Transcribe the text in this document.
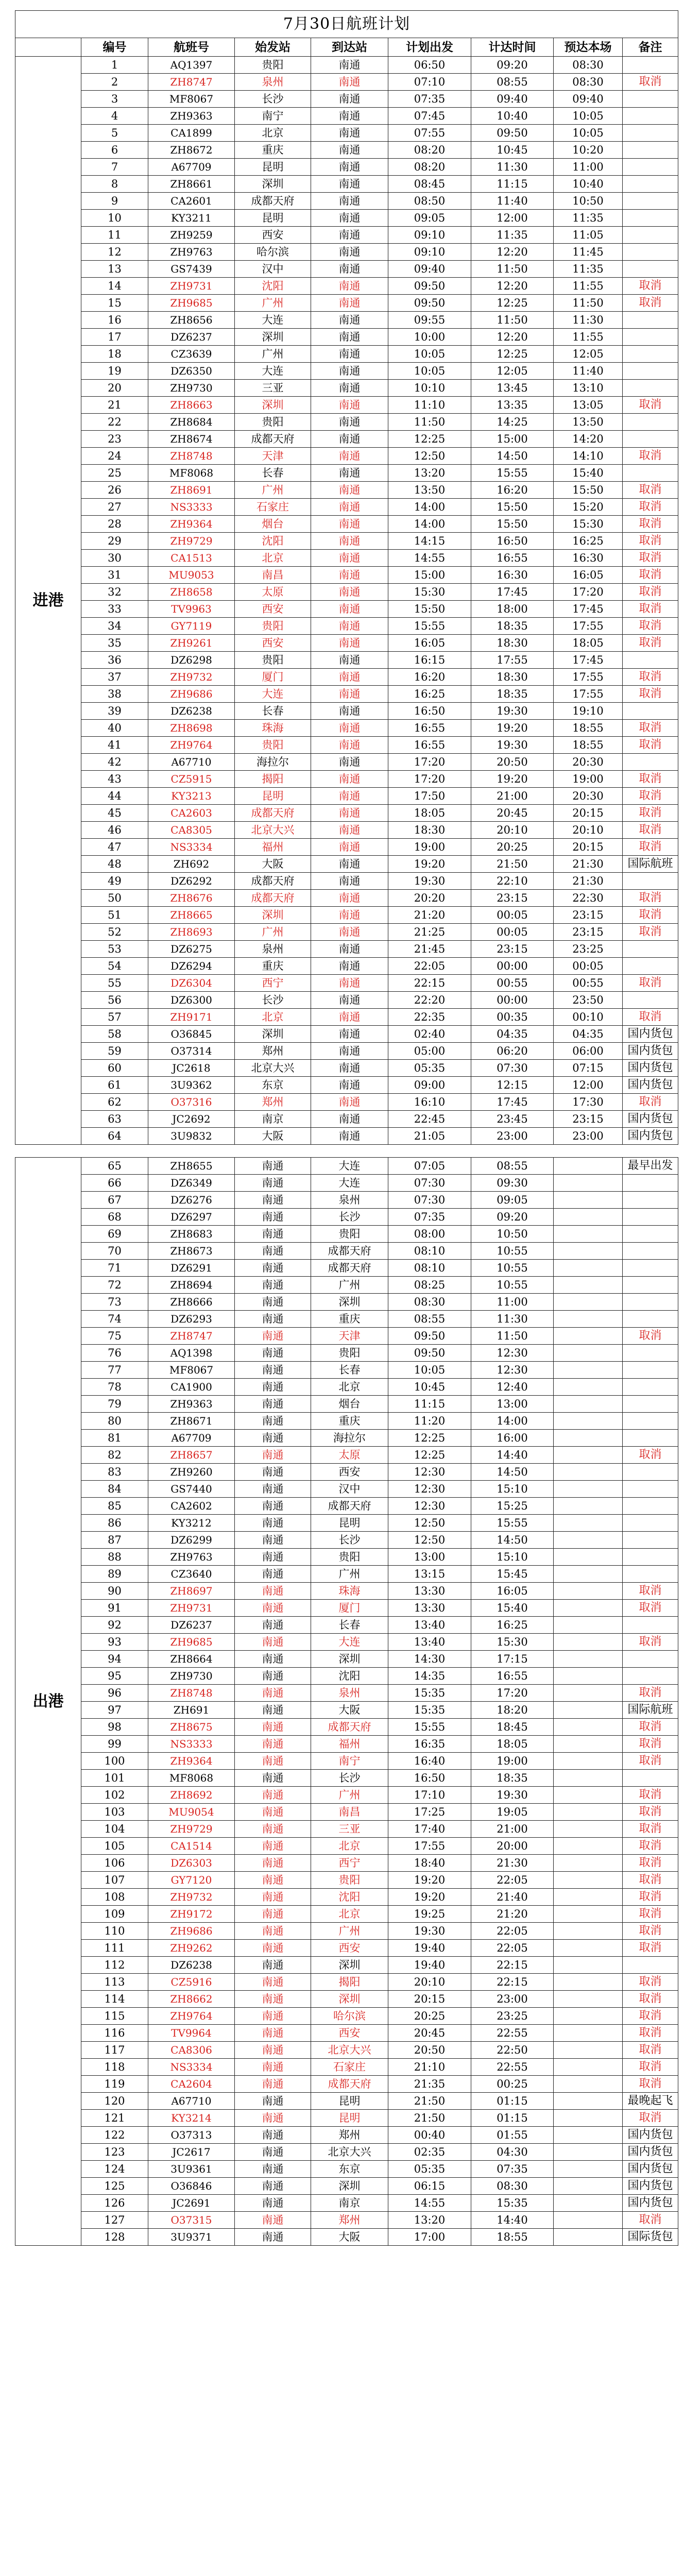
7月30日航班计划								
	编号	航班号	始发站	到达站	计划出发	计达时间	预达本场	备注
进港	1	AQ1397	贵阳	南通	06:50	09:20	08:30	
	2	ZH8747	泉州	南通	07:10	08:55	08:30	取消
	3	MF8067	长沙	南通	07:35	09:40	09:40	
	4	ZH9363	南宁	南通	07:45	10:40	10:05	
	5	CA1899	北京	南通	07:55	09:50	10:05	
	6	ZH8672	重庆	南通	08:20	10:45	10:20	
	7	A67709	昆明	南通	08:20	11:30	11:00	
	8	ZH8661	深圳	南通	08:45	11:15	10:40	
	9	CA2601	成都天府	南通	08:50	11:40	10:50	
	10	KY3211	昆明	南通	09:05	12:00	11:35	
	11	ZH9259	西安	南通	09:10	11:35	11:05	
	12	ZH9763	哈尔滨	南通	09:10	12:20	11:45	
	13	GS7439	汉中	南通	09:40	11:50	11:35	
	14	ZH9731	沈阳	南通	09:50	12:20	11:55	取消
	15	ZH9685	广州	南通	09:50	12:25	11:50	取消
	16	ZH8656	大连	南通	09:55	11:50	11:30	
	17	DZ6237	深圳	南通	10:00	12:20	11:55	
	18	CZ3639	广州	南通	10:05	12:25	12:05	
	19	DZ6350	大连	南通	10:05	12:05	11:40	
	20	ZH9730	三亚	南通	10:10	13:45	13:10	
	21	ZH8663	深圳	南通	11:10	13:35	13:05	取消
	22	ZH8684	贵阳	南通	11:50	14:25	13:50	
	23	ZH8674	成都天府	南通	12:25	15:00	14:20	
	24	ZH8748	天津	南通	12:50	14:50	14:10	取消
	25	MF8068	长春	南通	13:20	15:55	15:40	
	26	ZH8691	广州	南通	13:50	16:20	15:50	取消
	27	NS3333	石家庄	南通	14:00	15:50	15:20	取消
	28	ZH9364	烟台	南通	14:00	15:50	15:30	取消
	29	ZH9729	沈阳	南通	14:15	16:50	16:25	取消
	30	CA1513	北京	南通	14:55	16:55	16:30	取消
	31	MU9053	南昌	南通	15:00	16:30	16:05	取消
	32	ZH8658	太原	南通	15:30	17:45	17:20	取消
	33	TV9963	西安	南通	15:50	18:00	17:45	取消
	34	GY7119	贵阳	南通	15:55	18:35	17:55	取消
	35	ZH9261	西安	南通	16:05	18:30	18:05	取消
	36	DZ6298	贵阳	南通	16:15	17:55	17:45	
	37	ZH9732	厦门	南通	16:20	18:30	17:55	取消
	38	ZH9686	大连	南通	16:25	18:35	17:55	取消
	39	DZ6238	长春	南通	16:50	19:30	19:10	
	40	ZH8698	珠海	南通	16:55	19:20	18:55	取消
	41	ZH9764	贵阳	南通	16:55	19:30	18:55	取消
	42	A67710	海拉尔	南通	17:20	20:50	20:30	
	43	CZ5915	揭阳	南通	17:20	19:20	19:00	取消
	44	KY3213	昆明	南通	17:50	21:00	20:30	取消
	45	CA2603	成都天府	南通	18:05	20:45	20:15	取消
	46	CA8305	北京大兴	南通	18:30	20:10	20:10	取消
	47	NS3334	福州	南通	19:00	20:25	20:15	取消
	48	ZH692	大阪	南通	19:20	21:50	21:30	国际航班
	49	DZ6292	成都天府	南通	19:30	22:10	21:30	
	50	ZH8676	成都天府	南通	20:20	23:15	22:30	取消
	51	ZH8665	深圳	南通	21:20	00:05	23:15	取消
	52	ZH8693	广州	南通	21:25	00:05	23:15	取消
	53	DZ6275	泉州	南通	21:45	23:15	23:25	
	54	DZ6294	重庆	南通	22:05	00:00	00:05	
	55	DZ6304	西宁	南通	22:15	00:55	00:55	取消
	56	DZ6300	长沙	南通	22:20	00:00	23:50	
	57	ZH9171	北京	南通	22:35	00:35	00:10	取消
	58	O36845	深圳	南通	02:40	04:35	04:35	国内货包
	59	O37314	郑州	南通	05:00	06:20	06:00	国内货包
	60	JC2618	北京大兴	南通	05:35	07:30	07:15	国内货包
	61	3U9362	东京	南通	09:00	12:15	12:00	国内货包
	62	O37316	郑州	南通	16:10	17:45	17:30	取消
	63	JC2692	南京	南通	22:45	23:45	23:15	国内货包
	64	3U9832	大阪	南通	21:05	23:00	23:00	国内货包

出港	65	ZH8655	南通	大连	07:05	08:55		最早出发
	66	DZ6349	南通	大连	07:30	09:30		
	67	DZ6276	南通	泉州	07:30	09:05		
	68	DZ6297	南通	长沙	07:35	09:20		
	69	ZH8683	南通	贵阳	08:00	10:50		
	70	ZH8673	南通	成都天府	08:10	10:55		
	71	DZ6291	南通	成都天府	08:10	10:55		
	72	ZH8694	南通	广州	08:25	10:55		
	73	ZH8666	南通	深圳	08:30	11:00		
	74	DZ6293	南通	重庆	08:55	11:30		
	75	ZH8747	南通	天津	09:50	11:50		取消
	76	AQ1398	南通	贵阳	09:50	12:30		
	77	MF8067	南通	长春	10:05	12:30		
	78	CA1900	南通	北京	10:45	12:40		
	79	ZH9363	南通	烟台	11:15	13:00		
	80	ZH8671	南通	重庆	11:20	14:00		
	81	A67709	南通	海拉尔	12:25	16:00		
	82	ZH8657	南通	太原	12:25	14:40		取消
	83	ZH9260	南通	西安	12:30	14:50		
	84	GS7440	南通	汉中	12:30	15:10		
	85	CA2602	南通	成都天府	12:30	15:25		
	86	KY3212	南通	昆明	12:50	15:55		
	87	DZ6299	南通	长沙	12:50	14:50		
	88	ZH9763	南通	贵阳	13:00	15:10		
	89	CZ3640	南通	广州	13:15	15:45		
	90	ZH8697	南通	珠海	13:30	16:05		取消
	91	ZH9731	南通	厦门	13:30	15:40		取消
	92	DZ6237	南通	长春	13:40	16:25		
	93	ZH9685	南通	大连	13:40	15:30		取消
	94	ZH8664	南通	深圳	14:30	17:15		
	95	ZH9730	南通	沈阳	14:35	16:55		
	96	ZH8748	南通	泉州	15:35	17:20		取消
	97	ZH691	南通	大阪	15:35	18:20		国际航班
	98	ZH8675	南通	成都天府	15:55	18:45		取消
	99	NS3333	南通	福州	16:35	18:05		取消
	100	ZH9364	南通	南宁	16:40	19:00		取消
	101	MF8068	南通	长沙	16:50	18:35		
	102	ZH8692	南通	广州	17:10	19:30		取消
	103	MU9054	南通	南昌	17:25	19:05		取消
	104	ZH9729	南通	三亚	17:40	21:00		取消
	105	CA1514	南通	北京	17:55	20:00		取消
	106	DZ6303	南通	西宁	18:40	21:30		取消
	107	GY7120	南通	贵阳	19:20	22:05		取消
	108	ZH9732	南通	沈阳	19:20	21:40		取消
	109	ZH9172	南通	北京	19:25	21:20		取消
	110	ZH9686	南通	广州	19:30	22:05		取消
	111	ZH9262	南通	西安	19:40	22:05		取消
	112	DZ6238	南通	深圳	19:40	22:15		
	113	CZ5916	南通	揭阳	20:10	22:15		取消
	114	ZH8662	南通	深圳	20:15	23:00		取消
	115	ZH9764	南通	哈尔滨	20:25	23:25		取消
	116	TV9964	南通	西安	20:45	22:55		取消
	117	CA8306	南通	北京大兴	20:50	22:50		取消
	118	NS3334	南通	石家庄	21:10	22:55		取消
	119	CA2604	南通	成都天府	21:35	00:25		取消
	120	A67710	南通	昆明	21:50	01:15		最晚起飞
	121	KY3214	南通	昆明	21:50	01:15		取消
	122	O37313	南通	郑州	00:40	01:55		国内货包
	123	JC2617	南通	北京大兴	02:35	04:30		国内货包
	124	3U9361	南通	东京	05:35	07:35		国内货包
	125	O36846	南通	深圳	06:15	08:30		国内货包
	126	JC2691	南通	南京	14:55	15:35		国内货包
	127	O37315	南通	郑州	13:20	14:40		取消
	128	3U9371	南通	大阪	17:00	18:55		国际货包
